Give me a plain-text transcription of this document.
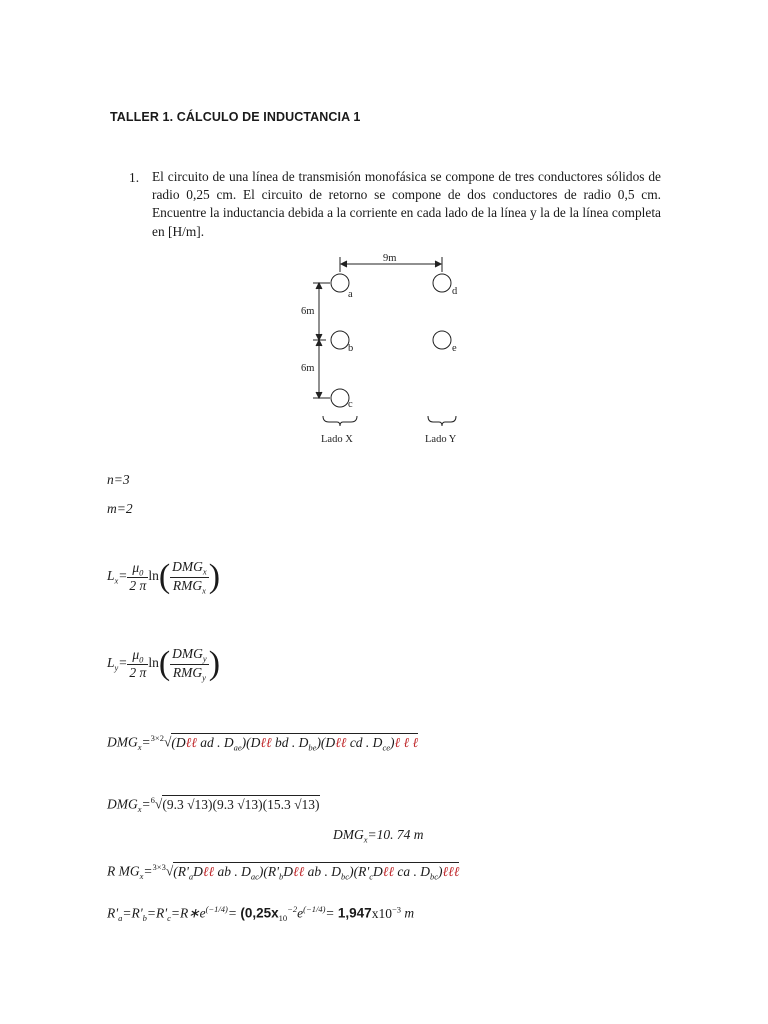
TALLER 1. CÁLCULO DE INDUCTANCIA 1
1. El circuito de una línea de transmisión monofásica se compone de tres conductores sólidos de radio 0,25 cm. El circuito de retorno se compone de dos conductores de radio 0,5 cm. Encuentre la inductancia debida a la corriente en cada lado de la línea y la de la línea completa en [H/m].
9m
6m
6m
a
b
c
d
e
Lado X	Lado Y
n=3
m=2
$L_x= \frac{\mu_0}{2 \pi} \ln( \frac{DMG_x}{RMG_x}$ )
$L_y= \frac{\mu_0}{2 \pi} \ln( \frac{DMG_y}{RMG_y}$ )
$DMG_x=^{3\times 2}√(D\ell\ell$ ad . $D_{ae})(D\ell\ell$ bd . $D_{be})(D\ell\ell$ cd . $D_{ce})\ell$ ℓ ℓ
$DMG_x=^6√(9.3$ √13)(9.3 √13)(15.3 √13)
$DMG_x=10$. 74 m
R $MG_x=^{3\times 3}√(R'_aD\ell\ell$ ab . $D_{ac})(R'_bD\ell\ell$ ab . $D_{bc})(R'_cD\ell\ell$ ca . $D_{bc})\ell\ell\ell$
$R'_a=R'_b=R'_c=R∗e^{(-1/4)}= (0,25x_{10}^{-2}e^{(-1/4)}= 1,947x10^{-3}$ m
